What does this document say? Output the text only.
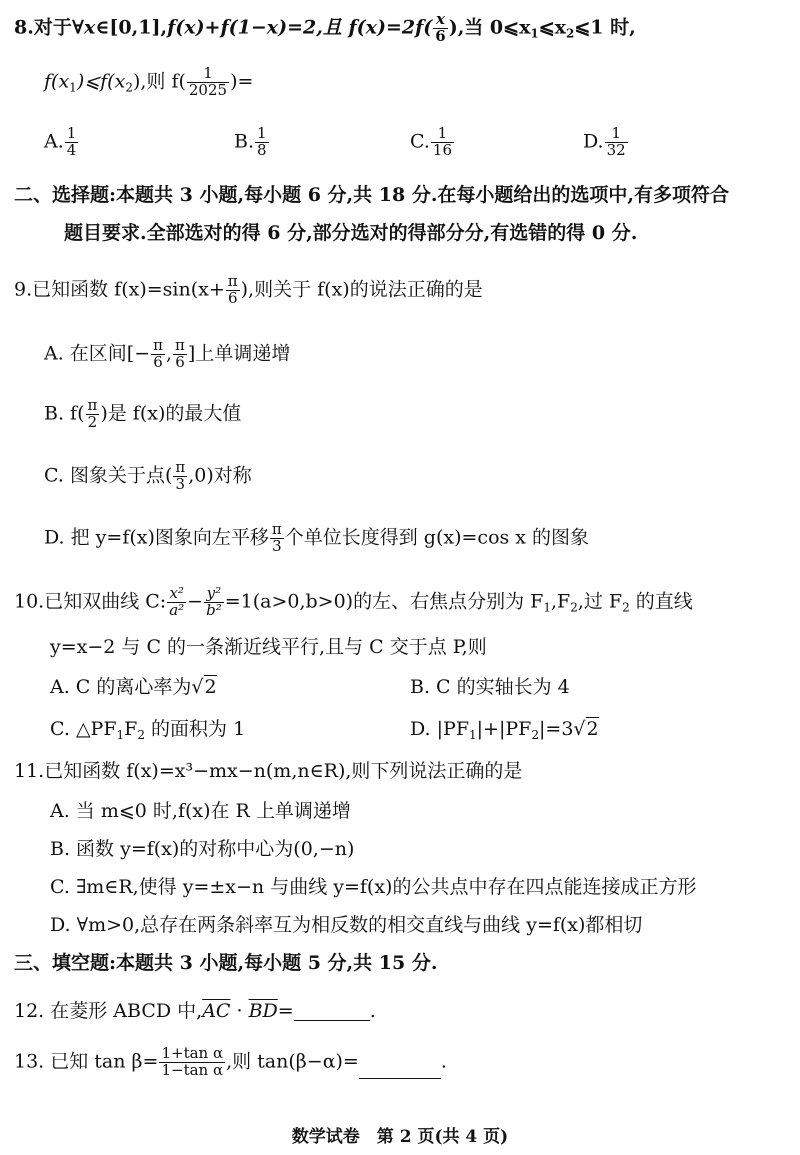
8.对于∀x∈[0,1],f(x)+f(1−x)=2,且 $f(x)=2f( \frac{x}{6}$ ),当 $0⩽x_1⩽x_2⩽1$ 时,
$f(x_1)⩽f(x_2)$,则 $f( \frac{1}{2025}$ )=
A. $\frac{1}{4}$	B. $\frac{1}{8}$	C. $\frac{1}{16}$	D. $\frac{1}{32}$
二、选择题:本题共 3 小题,每小题 6 分,共 18 分.在每小题给出的选项中,有多项符合
题目要求.全部选对的得 6 分,部分选对的得部分分,有选错的得 0 分.
9.已知函数 $f(x)=\sin(x+ \frac{\pi}{6}$ ),则关于 f(x)的说法正确的是
A. 在区间[− $\frac{\pi}{6}$ , $\frac{\pi}{6}$ ]上单调递增
B. $f( \frac{\pi}{2}$ )是 f(x)的最大值
C. 图象关于点( $\frac{\pi}{3} ,0$)对称
D. 把 y=f(x)图象向左平移 $\frac{\pi}{3}$ 个单位长度得到 g(x)=cos x 的图象
10.已知双曲线 C: $\frac{\text{x²}}{\text{a²}} - \frac{\text{y²}}{\text{b²}} =1(a>0,b>0)$的左、右焦点分别为 $F_1,F_2$,过 $F_2$ 的直线
y=x−2 与 C 的一条渐近线平行,且与 C 交于点 P,则
A. C 的离心率为√2	B. C 的实轴长为 4
C. $\triangle PF_1F_2$ 的面积为 1	D. $|PF_1|+|PF_2|=3√2$
11.已知函数 f(x)=x³−mx−n(m,n∈R),则下列说法正确的是
A. 当 m⩽0 时,f(x)在 R 上单调递增
B. 函数 y=f(x)的对称中心为(0,−n)
C. ∃m∈R,使得 y=±x−n 与曲线 y=f(x)的公共点中存在四点能连接成正方形
D. ∀m>0,总存在两条斜率互为相反数的相交直线与曲线 y=f(x)都相切
三、填空题:本题共 3 小题,每小题 5 分,共 15 分.
12. 在菱形 ABCD 中$,\overline{AC} \cdot \overline{BD}=$	.
13. 已知 $\tan \beta= \frac{\text{1+tan α}}{\text{1−tan α}}$ ,则 tan(β−α)=	.
数学试卷　第 2 页(共 4 页)
